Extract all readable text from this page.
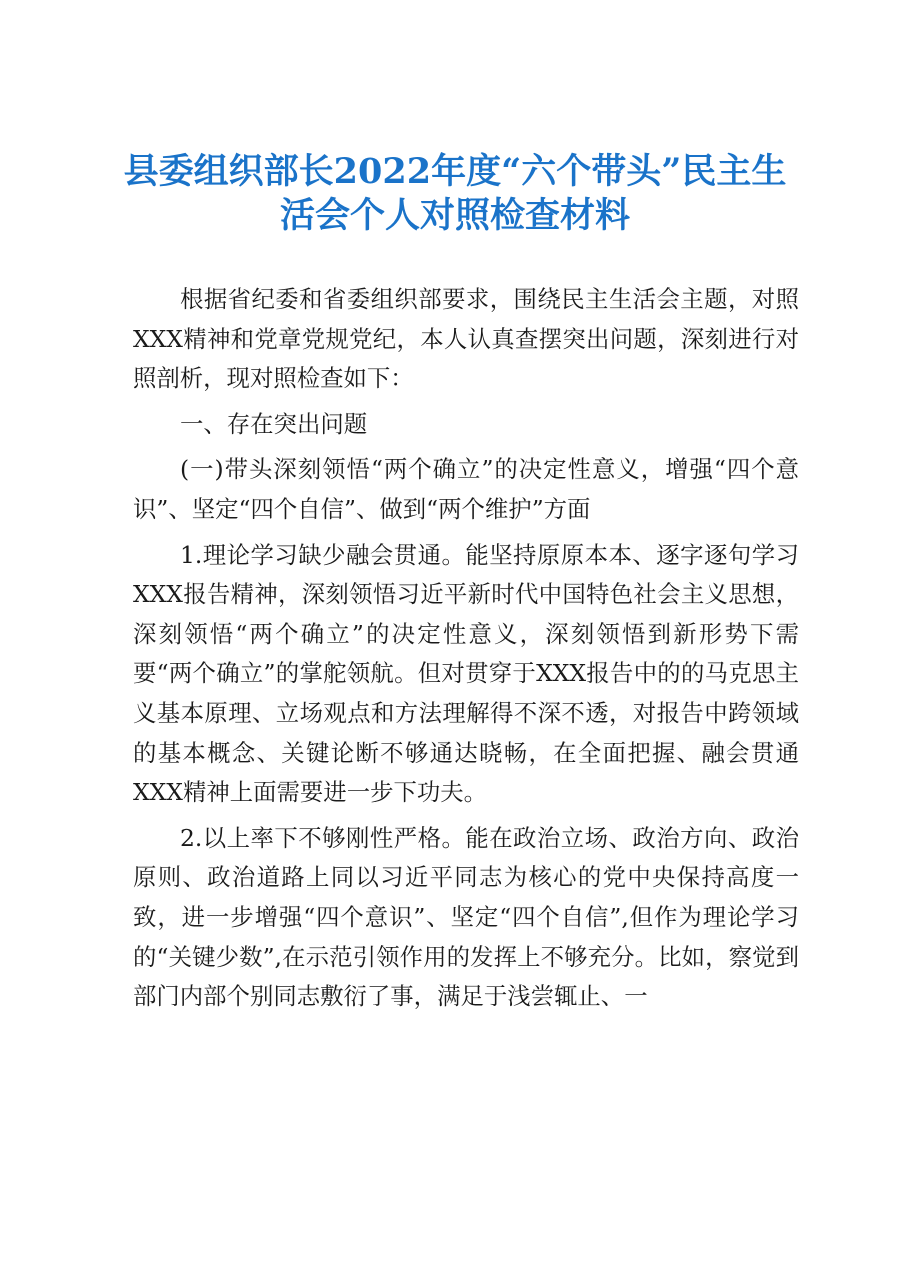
县委组织部长2022年度“六个带头”民主生
活会个人对照检查材料

根据省纪委和省委组织部要求，围绕民主生活会主题，对照XXX精神和党章党规党纪，本人认真查摆突出问题，深刻进行对照剖析，现对照检查如下：

一、存在突出问题

(一)带头深刻领悟“两个确立”的决定性意义，增强“四个意识”、坚定“四个自信”、做到“两个维护”方面

1.理论学习缺少融会贯通。能坚持原原本本、逐字逐句学习XXX报告精神，深刻领悟习近平新时代中国特色社会主义思想，深刻领悟“两个确立”的决定性意义，深刻领悟到新形势下需要“两个确立”的掌舵领航。但对贯穿于XXX报告中的的马克思主义基本原理、立场观点和方法理解得不深不透，对报告中跨领域的基本概念、关键论断不够通达晓畅，在全面把握、融会贯通XXX精神上面需要进一步下功夫。

2.以上率下不够刚性严格。能在政治立场、政治方向、政治原则、政治道路上同以习近平同志为核心的党中央保持高度一致，进一步增强“四个意识”、坚定“四个自信”,但作为理论学习的“关键少数”,在示范引领作用的发挥上不够充分。比如，察觉到部门内部个别同志敷衍了事，满足于浅尝辄止、一
